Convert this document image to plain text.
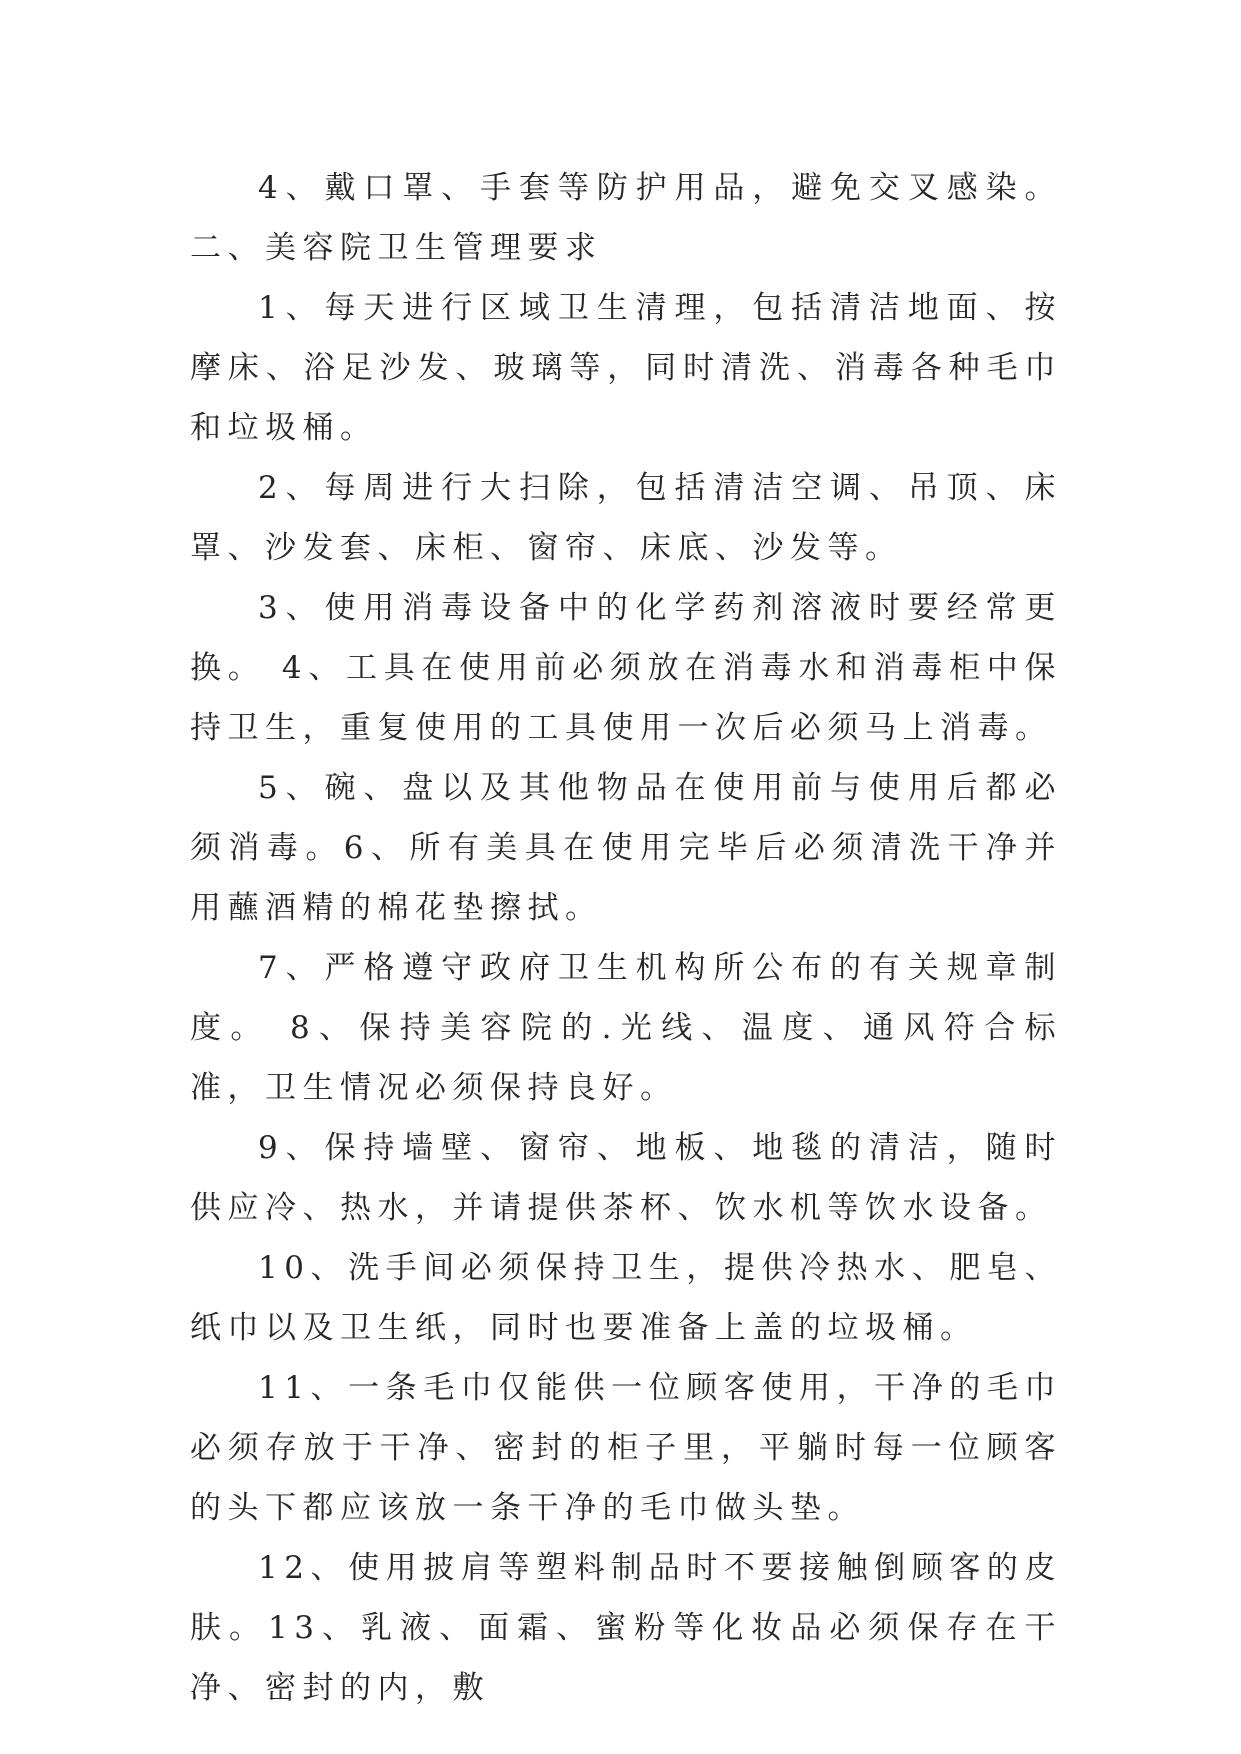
4、戴口罩、手套等防护用品，避免交叉感染。二、美容院卫生管理要求

1、每天进行区域卫生清理，包括清洁地面、按摩床、浴足沙发、玻璃等，同时清洗、消毒各种毛巾和垃圾桶。

2、每周进行大扫除，包括清洁空调、吊顶、床罩、沙发套、床柜、窗帘、床底、沙发等。

3、使用消毒设备中的化学药剂溶液时要经常更换。 4、工具在使用前必须放在消毒水和消毒柜中保持卫生，重复使用的工具使用一次后必须马上消毒。

5、碗、盘以及其他物品在使用前与使用后都必须消毒。6、所有美具在使用完毕后必须清洗干净并用蘸酒精的棉花垫擦拭。

7、严格遵守政府卫生机构所公布的有关规章制度。 8、保持美容院的.光线、温度、通风符合标准，卫生情况必须保持良好。

9、保持墙壁、窗帘、地板、地毯的清洁，随时供应冷、热水，并请提供茶杯、饮水机等饮水设备。

10、洗手间必须保持卫生，提供冷热水、肥皂、纸巾以及卫生纸，同时也要准备上盖的垃圾桶。

11、一条毛巾仅能供一位顾客使用，干净的毛巾必须存放于干净、密封的柜子里，平躺时每一位顾客的头下都应该放一条干净的毛巾做头垫。

12、使用披肩等塑料制品时不要接触倒顾客的皮肤。13、乳液、面霜、蜜粉等化妆品必须保存在干净、密封的内，敷
